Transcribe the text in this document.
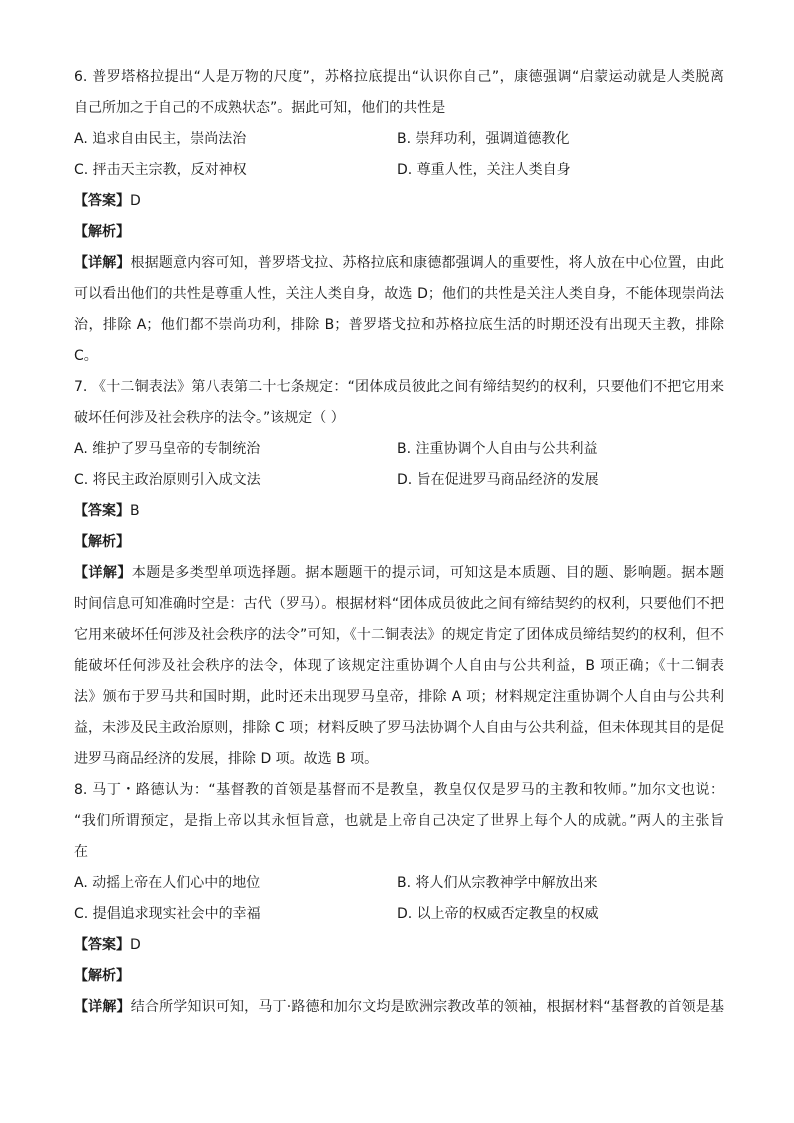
6. 普罗塔格拉提出“人是万物的尺度”，苏格拉底提出“认识你自己”，康德强调“启蒙运动就是人类脱离

自己所加之于自己的不成熟状态”。据此可知，他们的共性是

A. 追求自由民主，崇尚法治	B. 崇拜功利，强调道德教化
C. 抨击天主宗教，反对神权	D. 尊重人性，关注人类自身
【答案】D
【解析】

【详解】根据题意内容可知，普罗塔戈拉、苏格拉底和康德都强调人的重要性，将人放在中心位置，由此

可以看出他们的共性是尊重人性，关注人类自身，故选 D；他们的共性是关注人类自身，不能体现崇尚法

治，排除 A；他们都不崇尚功利，排除 B；普罗塔戈拉和苏格拉底生活的时期还没有出现天主教，排除

C。

7. 《十二铜表法》第八表第二十七条规定：“团体成员彼此之间有缔结契约的权利，只要他们不把它用来

破坏任何涉及社会秩序的法令。”该规定（ ）

A. 维护了罗马皇帝的专制统治	B. 注重协调个人自由与公共利益
C. 将民主政治原则引入成文法	D. 旨在促进罗马商品经济的发展
【答案】B
【解析】

【详解】本题是多类型单项选择题。据本题题干的提示词，可知这是本质题、目的题、影响题。据本题

时间信息可知准确时空是：古代（罗马）。根据材料“团体成员彼此之间有缔结契约的权利，只要他们不把

它用来破坏任何涉及社会秩序的法令”可知，《十二铜表法》的规定肯定了团体成员缔结契约的权利，但不

能破坏任何涉及社会秩序的法令，体现了该规定注重协调个人自由与公共利益，B 项正确；《十二铜表

法》颁布于罗马共和国时期，此时还未出现罗马皇帝，排除 A 项；材料规定注重协调个人自由与公共利

益，未涉及民主政治原则，排除 C 项；材料反映了罗马法协调个人自由与公共利益，但未体现其目的是促

进罗马商品经济的发展，排除 D 项。故选 B 项。

8. 马丁・路德认为：“基督教的首领是基督而不是教皇，教皇仅仅是罗马的主教和牧师。”加尔文也说：

“我们所谓预定，是指上帝以其永恒旨意，也就是上帝自己决定了世界上每个人的成就。”两人的主张旨

在

A. 动摇上帝在人们心中的地位	B. 将人们从宗教神学中解放出来
C. 提倡追求现实社会中的幸福	D. 以上帝的权威否定教皇的权威
【答案】D
【解析】

【详解】结合所学知识可知，马丁·路德和加尔文均是欧洲宗教改革的领袖，根据材料“基督教的首领是基
